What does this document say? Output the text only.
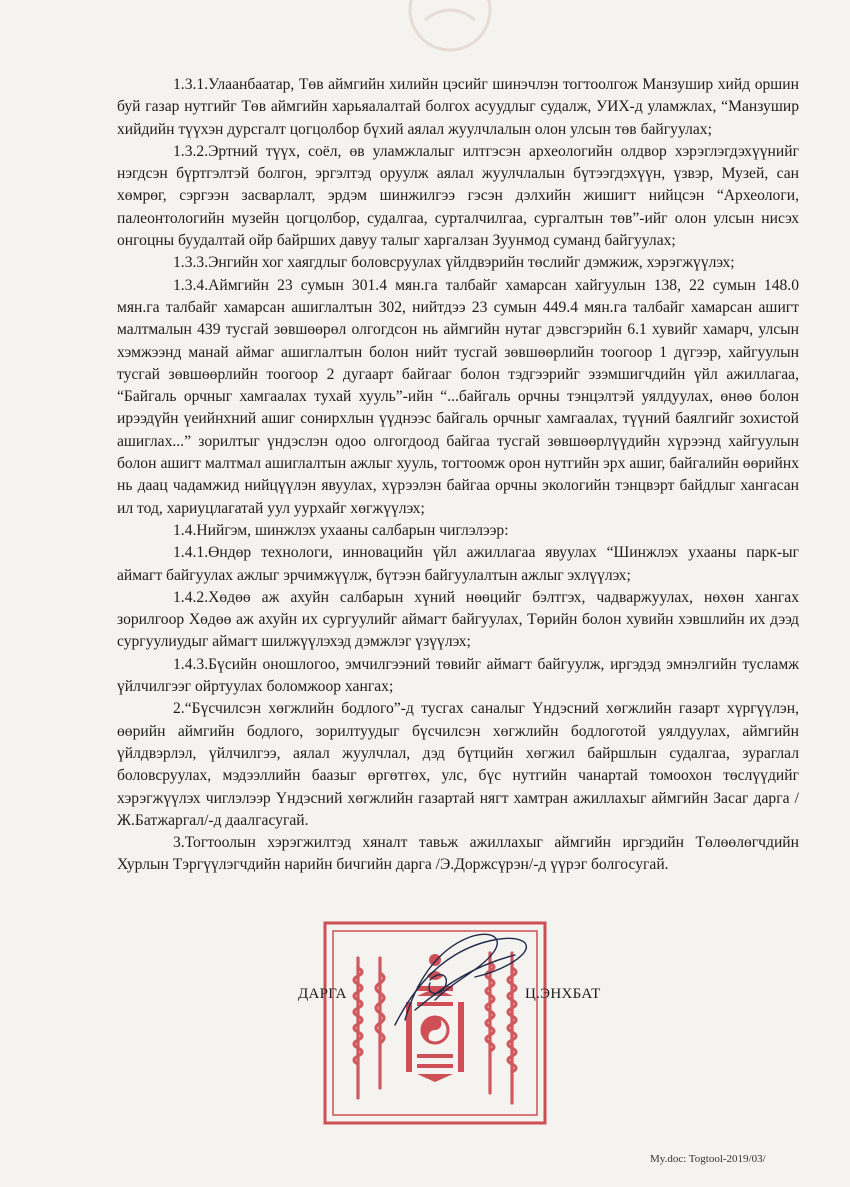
1.3.1.Улаанбаатар, Төв аймгийн хилийн цэсийг шинэчлэн тогтоолгож Манзушир хийд оршин буй газар нутгийг Төв аймгийн харьяалалтай болгох асуудлыг судалж, УИХ-д уламжлах, “Манзушир хийдийн түүхэн дурсгалт цогцолбор бүхий аялал жуулчлалын олон улсын төв байгуулах;

1.3.2.Эртний түүх, соёл, өв уламжлалыг илтгэсэн археологийн олдвор хэрэглэгдэхүүнийг нэгдсэн бүртгэлтэй болгон, эргэлтэд оруулж аялал жуулчлалын бүтээгдэхүүн, үзвэр, Музей, сан хөмрөг, сэргээн засварлалт, эрдэм шинжилгээ гэсэн дэлхийн жишигт нийцсэн “Археологи, палеонтологийн музейн цогцолбор, судалгаа, сурталчилгаа, сургалтын төв”-ийг олон улсын нисэх онгоцны буудалтай ойр байрших давуу талыг харгалзан Зуунмод суманд байгуулах;

1.3.3.Энгийн хог хаягдлыг боловсруулах үйлдвэрийн төслийг дэмжиж, хэрэгжүүлэх;

1.3.4.Аймгийн 23 сумын 301.4 мян.га талбайг хамарсан хайгуулын 138, 22 сумын 148.0 мян.га талбайг хамарсан ашиглалтын 302, нийтдээ 23 сумын 449.4 мян.га талбайг хамарсан ашигт малтмалын 439 тусгай зөвшөөрөл олгогдсон нь аймгийн нутаг дэвсгэрийн 6.1 хувийг хамарч, улсын хэмжээнд манай аймаг ашиглалтын болон нийт тусгай зөвшөөрлийн тоогоор 1 дүгээр, хайгуулын тусгай зөвшөөрлийн тоогоор 2 дугаарт байгааг болон тэдгээрийг эзэмшигчдийн үйл ажиллагаа, “Байгаль орчныг хамгаалах тухай хууль”-ийн “...байгаль орчны тэнцэлтэй уялдуулах, өнөө болон ирээдүйн үеийнхний ашиг сонирхлын үүднээс байгаль орчныг хамгаалах, түүний баялгийг зохистой ашиглах...” зорилтыг үндэслэн одоо олгогдоод байгаа тусгай зөвшөөрлүүдийн хүрээнд хайгуулын болон ашигт малтмал ашиглалтын ажлыг хууль, тогтоомж орон нутгийн эрх ашиг, байгалийн өөрийнх нь даац чадамжид нийцүүлэн явуулах, хүрээлэн байгаа орчны экологийн тэнцвэрт байдлыг хангасан ил тод, хариуцлагатай уул уурхайг хөгжүүлэх;

1.4.Нийгэм, шинжлэх ухааны салбарын чиглэлээр:

1.4.1.Өндөр технологи, инновацийн үйл ажиллагаа явуулах “Шинжлэх ухааны парк-ыг аймагт байгуулах ажлыг эрчимжүүлж, бүтээн байгуулалтын ажлыг эхлүүлэх;

1.4.2.Хөдөө аж ахуйн салбарын хүний нөөцийг бэлтгэх, чадваржуулах, нөхөн хангах зорилгоор Хөдөө аж ахуйн их сургуулийг аймагт байгуулах, Төрийн болон хувийн хэвшлийн их дээд сургуулиудыг аймагт шилжүүлэхэд дэмжлэг үзүүлэх;

1.4.3.Бүсийн оношлогоо, эмчилгээний төвийг аймагт байгуулж, иргэдэд эмнэлгийн тусламж үйлчилгээг ойртуулах боломжоор хангах;

2.“Бүсчилсэн хөгжлийн бодлого”-д тусгах саналыг Үндэсний хөгжлийн газарт хүргүүлэн, өөрийн аймгийн бодлого, зорилтуудыг бүсчилсэн хөгжлийн бодлоготой уялдуулах, аймгийн үйлдвэрлэл, үйлчилгээ, аялал жуулчлал, дэд бүтцийн хөгжил байршлын судалгаа, зураглал боловсруулах, мэдээллийн баазыг өргөтгөх, улс, бүс нутгийн чанартай томоохон төслүүдийг хэрэгжүүлэх чиглэлээр Үндэсний хөгжлийн газартай нягт хамтран ажиллахыг аймгийн Засаг дарга /Ж.Батжаргал/-д даалгасугай.

3.Тогтоолын хэрэгжилтэд хяналт тавьж ажиллахыг аймгийн иргэдийн Төлөөлөгчдийн Хурлын Тэргүүлэгчдийн нарийн бичгийн дарга /Э.Доржсүрэн/-д үүрэг болгосугай.

ДАРГА	Ц.ЭНХБАТ
My.doc: Togtool-2019/03/
